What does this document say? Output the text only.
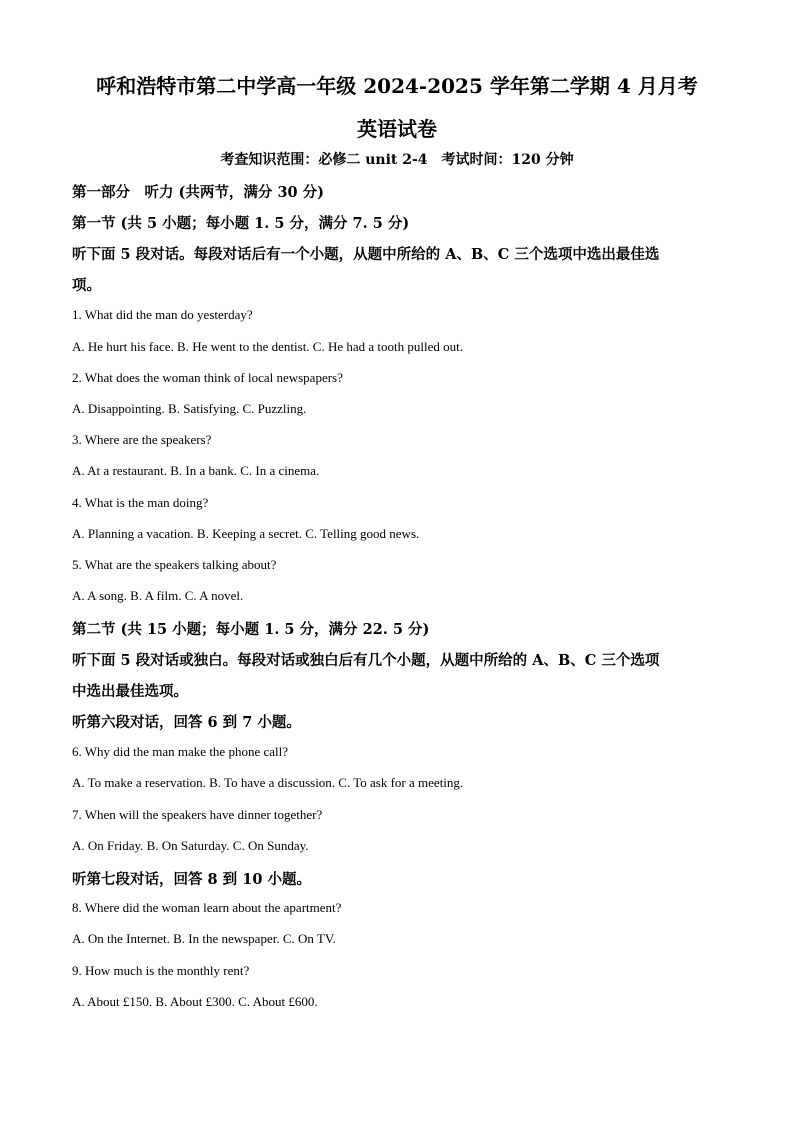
呼和浩特市第二中学高一年级 2024-2025 学年第二学期 4 月月考
英语试卷
考查知识范围：必修二 unit 2-4　考试时间：120 分钟
第一部分　听力 (共两节，满分 30 分)
第一节 (共 5 小题；每小题 1. 5 分，满分 7. 5 分)
听下面 5 段对话。每段对话后有一个小题，从题中所给的 A、B、C 三个选项中选出最佳选
项。
1. What did the man do yesterday?
A. He hurt his face. B. He went to the dentist. C. He had a tooth pulled out.
2. What does the woman think of local newspapers?
A. Disappointing. B. Satisfying. C. Puzzling.
3. Where are the speakers?
A. At a restaurant. B. In a bank. C. In a cinema.
4. What is the man doing?
A. Planning a vacation. B. Keeping a secret. C. Telling good news.
5. What are the speakers talking about?
A. A song. B. A film. C. A novel.
第二节 (共 15 小题；每小题 1. 5 分，满分 22. 5 分)
听下面 5 段对话或独白。每段对话或独白后有几个小题，从题中所给的 A、B、C 三个选项
中选出最佳选项。
听第六段对话，回答 6 到 7 小题。
6. Why did the man make the phone call?
A. To make a reservation. B. To have a discussion. C. To ask for a meeting.
7. When will the speakers have dinner together?
A. On Friday. B. On Saturday. C. On Sunday.
听第七段对话，回答 8 到 10 小题。
8. Where did the woman learn about the apartment?
A. On the Internet. B. In the newspaper. C. On TV.
9. How much is the monthly rent?
A. About £150. B. About £300. C. About £600.
